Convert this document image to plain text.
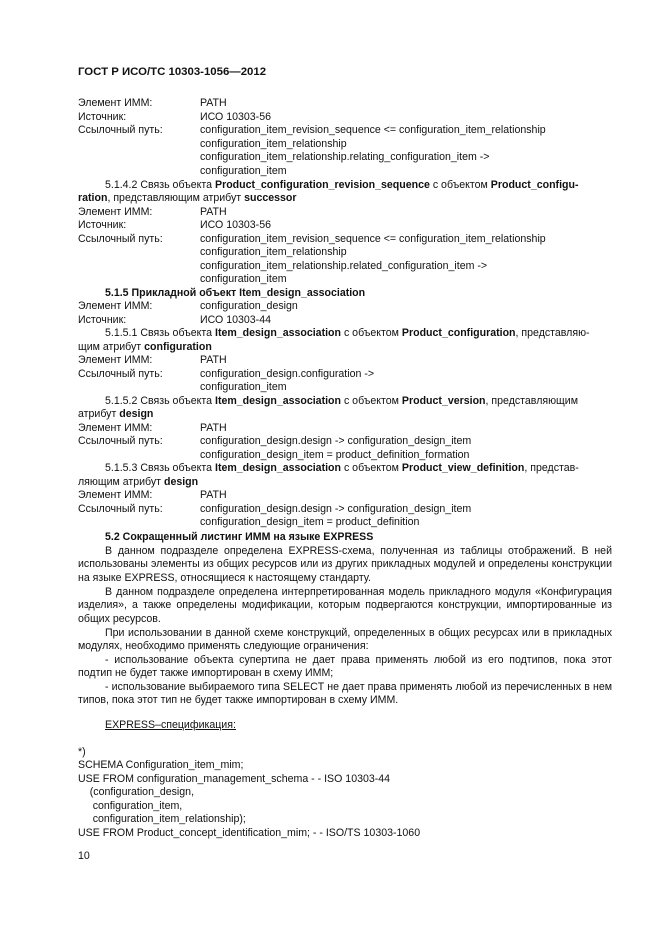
ГОСТ Р ИСО/ТС 10303-1056—2012
Элемент ИММ:	PATH
Источник:	ИСО 10303-56
Ссылочный путь:	configuration_item_revision_sequence <= configuration_item_relationship
configuration_item_relationship
configuration_item_relationship.relating_configuration_item ->
configuration_item
5.1.4.2 Связь объекта Product_configuration_revision_sequence с объектом Product_configu-
ration, представляющим атрибут successor
Элемент ИММ:	PATH
Источник:	ИСО 10303-56
Ссылочный путь:	configuration_item_revision_sequence <= configuration_item_relationship
configuration_item_relationship
configuration_item_relationship.related_configuration_item ->
configuration_item
5.1.5 Прикладной объект Item_design_association
Элемент ИММ:	configuration_design
Источник:	ИСО 10303-44
5.1.5.1 Связь объекта Item_design_association с объектом Product_configuration, представляю-
щим атрибут configuration
Элемент ИММ:	PATH
Ссылочный путь:	configuration_design.configuration ->
configuration_item
5.1.5.2 Связь объекта Item_design_association с объектом Product_version, представляющим
атрибут design
Элемент ИММ:	PATH
Ссылочный путь:	configuration_design.design -> configuration_design_item
configuration_design_item = product_definition_formation
5.1.5.3 Связь объекта Item_design_association с объектом Product_view_definition, представ-
ляющим атрибут design
Элемент ИММ:	PATH
Ссылочный путь:	configuration_design.design -> configuration_design_item
configuration_design_item = product_definition
5.2 Сокращенный листинг ИММ на языке EXPRESS
В данном подразделе определена EXPRESS-схема, полученная из таблицы отображений. В ней использованы элементы из общих ресурсов или из других прикладных модулей и определены конструкции на языке EXPRESS, относящиеся к настоящему стандарту.
В данном подразделе определена интерпретированная модель прикладного модуля «Конфигурация изделия», а также определены модификации, которым подвергаются конструкции, импортированные из общих ресурсов.
При использовании в данной схеме конструкций, определенных в общих ресурсах или в прикладных модулях, необходимо применять следующие ограничения:
- использование объекта супертипа не дает права применять любой из его подтипов, пока этот подтип не будет также импортирован в схему ИММ;
- использование выбираемого типа SELECT не дает права применять любой из перечисленных в нем типов, пока этот тип не будет также импортирован в схему ИММ.
EXPRESS–спецификация:
*)
SCHEMA Configuration_item_mim;
USE FROM configuration_management_schema - - ISO 10303-44
(configuration_design,
configuration_item,
configuration_item_relationship);
USE FROM Product_concept_identification_mim; - - ISO/TS 10303-1060
10
